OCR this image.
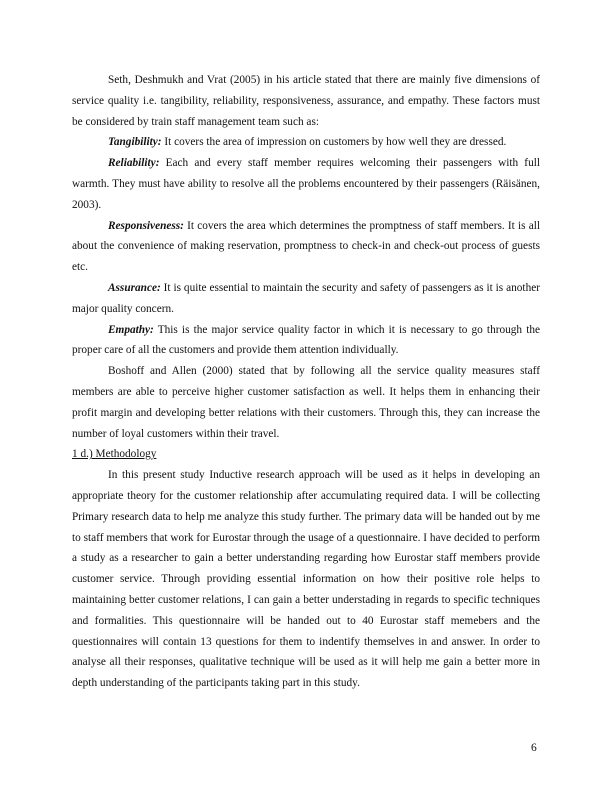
Seth, Deshmukh and Vrat (2005) in his article stated that there are mainly five dimensions of service quality i.e. tangibility, reliability, responsiveness, assurance, and empathy. These factors must be considered by train staff management team such as:

Tangibility: It covers the area of impression on customers by how well they are dressed.

Reliability: Each and every staff member requires welcoming their passengers with full warmth. They must have ability to resolve all the problems encountered by their passengers (Räisänen, 2003).

Responsiveness: It covers the area which determines the promptness of staff members. It is all about the convenience of making reservation, promptness to check-in and check-out process of guests etc.

Assurance: It is quite essential to maintain the security and safety of passengers as it is another major quality concern.

Empathy: This is the major service quality factor in which it is necessary to go through the proper care of all the customers and provide them attention individually.

Boshoff and Allen (2000) stated that by following all the service quality measures staff members are able to perceive higher customer satisfaction as well. It helps them in enhancing their profit margin and developing better relations with their customers. Through this, they can increase the number of loyal customers within their travel.

1 d.) Methodology

In this present study Inductive research approach will be used as it helps in developing an appropriate theory for the customer relationship after accumulating required data. I will be collecting Primary research data to help me analyze this study further. The primary data will be handed out by me to staff members that work for Eurostar through the usage of a questionnaire. I have decided to perform a study as a researcher to gain a better understanding regarding how Eurostar staff members provide customer service. Through providing essential information on how their positive role helps to maintaining better customer relations, I can gain a better understading in regards to specific techniques and formalities. This questionnaire will be handed out to 40 Eurostar staff memebers and the questionnaires will contain 13 questions for them to indentify themselves in and answer. In order to analyse all their responses, qualitative technique will be used as it will help me gain a better more in depth understanding of the participants taking part in this study.

6
